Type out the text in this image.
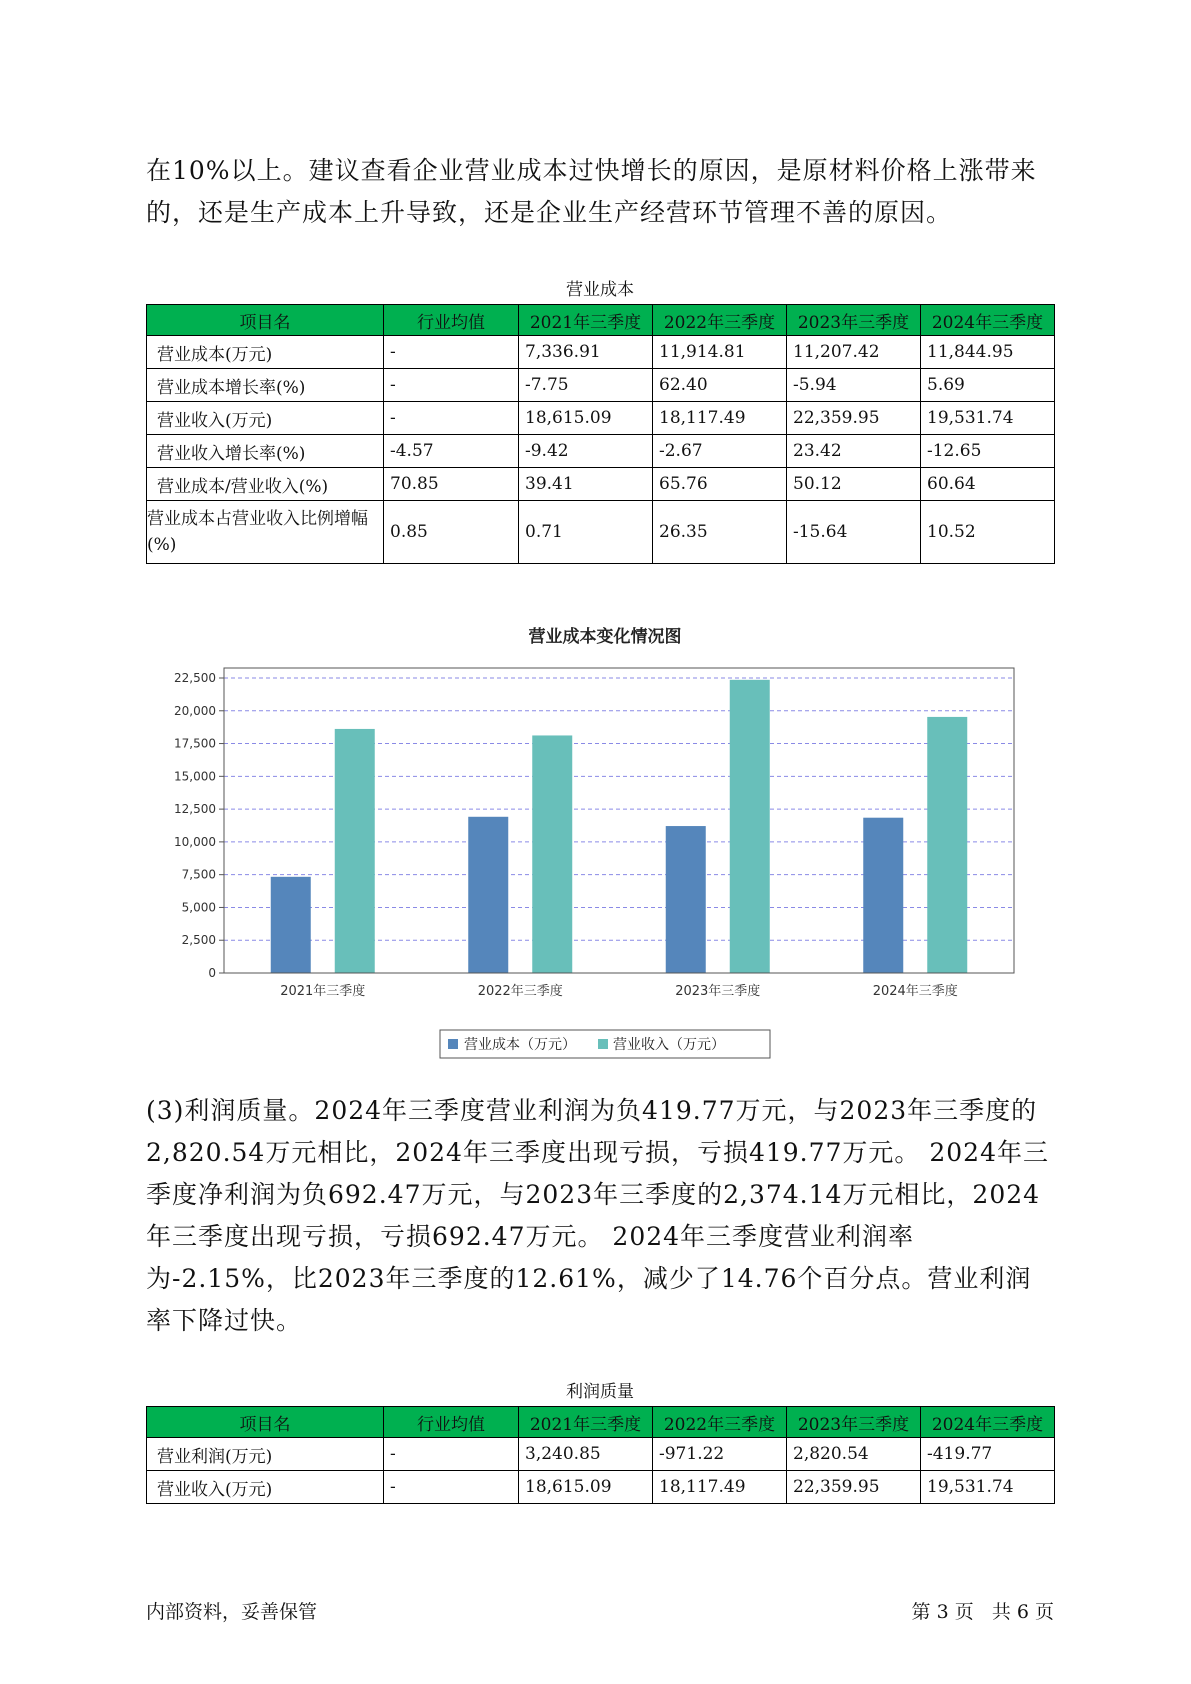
在10%以上。建议查看企业营业成本过快增长的原因，是原材料价格上涨带来的，还是生产成本上升导致，还是企业生产经营环节管理不善的原因。

营业成本
项目名	行业均值	2021年三季度	2022年三季度	2023年三季度	2024年三季度
营业成本(万元)	-	7,336.91	11,914.81	11,207.42	11,844.95
营业成本增长率(%)	-	-7.75	62.40	-5.94	5.69
营业收入(万元)	-	18,615.09	18,117.49	22,359.95	19,531.74
营业收入增长率(%)	-4.57	-9.42	-2.67	23.42	-12.65
营业成本/营业收入(%)	70.85	39.41	65.76	50.12	60.64
营业成本占营业收入比例增幅(%)	0.85	0.71	26.35	-15.64	10.52
营业成本变化情况图
0
2,500
5,000
7,500
10,000
12,500
15,000
17,500
20,000
22,500
2021年三季度	2022年三季度	2023年三季度	2024年三季度
营业成本（万元）	营业收入（万元）

(3)利润质量。2024年三季度营业利润为负419.77万元，与2023年三季度的2,820.54万元相比，2024年三季度出现亏损，亏损419.77万元。 2024年三季度净利润为负692.47万元，与2023年三季度的2,374.14万元相比，2024年三季度出现亏损，亏损692.47万元。 2024年三季度营业利润率为-2.15%，比2023年三季度的12.61%，减少了14.76个百分点。营业利润率下降过快。

利润质量
项目名	行业均值	2021年三季度	2022年三季度	2023年三季度	2024年三季度
营业利润(万元)	-	3,240.85	-971.22	2,820.54	-419.77
营业收入(万元)	-	18,615.09	18,117.49	22,359.95	19,531.74
内部资料，妥善保管	第 3 页   共 6 页
